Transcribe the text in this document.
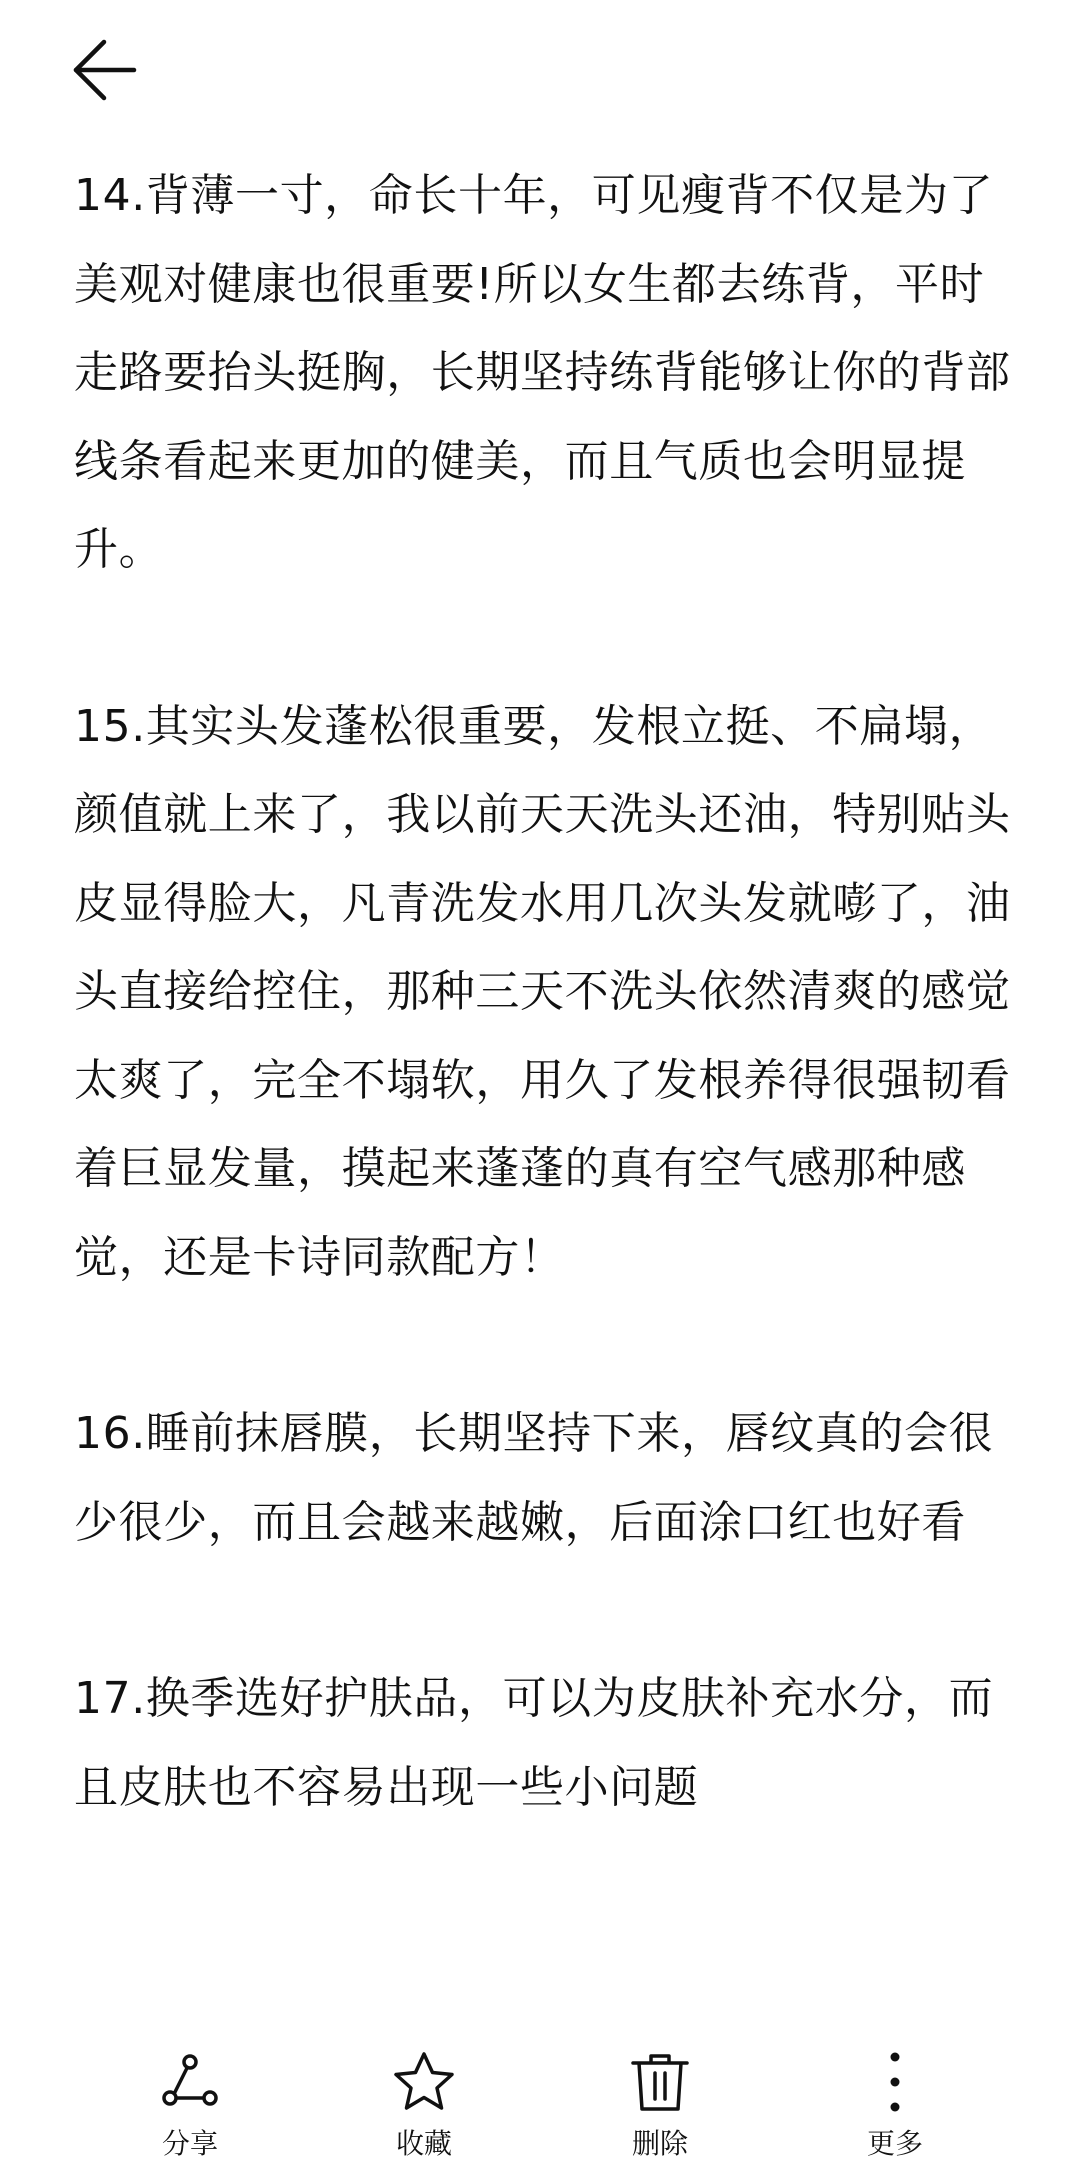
14.背薄一寸，命长十年，可见瘦背不仅是为了美观对健康也很重要!所以女生都去练背，平时走路要抬头挺胸，长期坚持练背能够让你的背部线条看起来更加的健美，而且气质也会明显提升。

15.其实头发蓬松很重要，发根立挺、不扁塌，颜值就上来了，我以前天天洗头还油，特别贴头皮显得脸大，凡青洗发水用几次头发就嘭了，油头直接给控住，那种三天不洗头依然清爽的感觉太爽了，完全不塌软，用久了发根养得很强韧看着巨显发量，摸起来蓬蓬的真有空气感那种感觉，还是卡诗同款配方！

16.睡前抹唇膜，长期坚持下来，唇纹真的会很少很少，而且会越来越嫩，后面涂口红也好看

17.换季选好护肤品，可以为皮肤补充水分，而且皮肤也不容易出现一些小问题

分享	收藏	删除	更多
